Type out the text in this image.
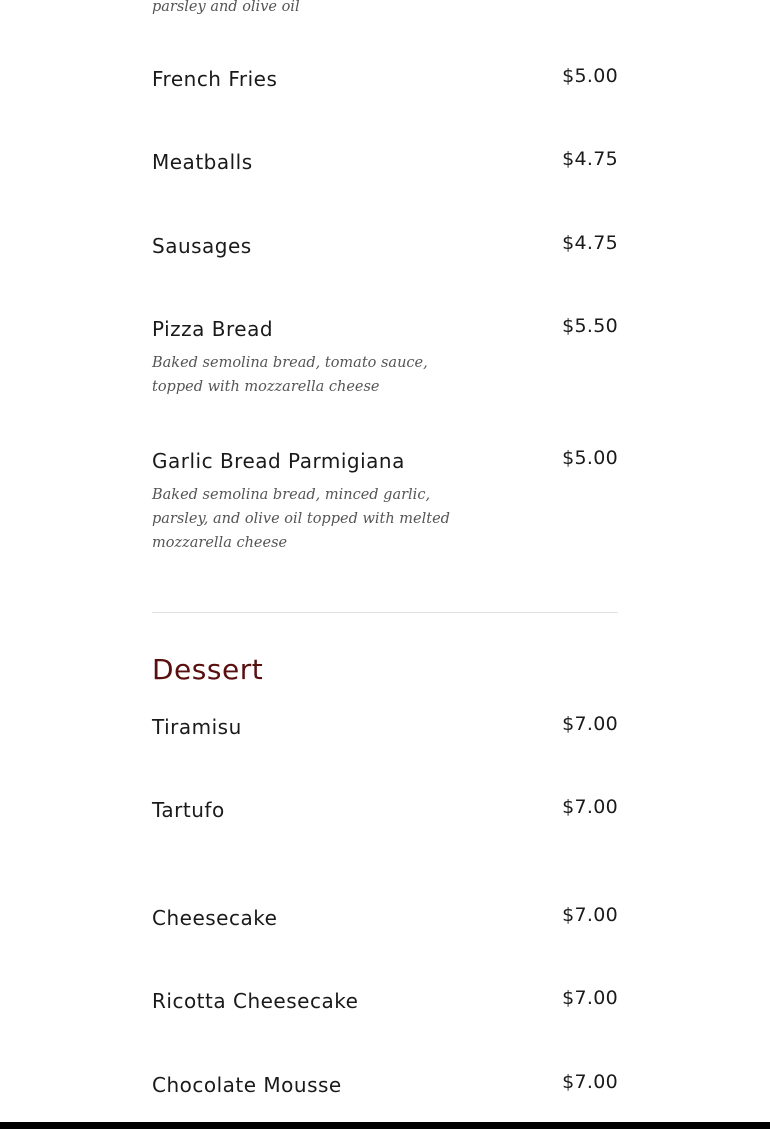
parsley and olive oil
French Fries	$5.00
Meatballs	$4.75
Sausages	$4.75
Pizza Bread	$5.50
Baked semolina bread, tomato sauce, topped with mozzarella cheese
Garlic Bread Parmigiana	$5.00
Baked semolina bread, minced garlic, parsley, and olive oil topped with melted mozzarella cheese
Dessert
Tiramisu	$7.00
Tartufo	$7.00
Cheesecake	$7.00
Ricotta Cheesecake	$7.00
Chocolate Mousse	$7.00
